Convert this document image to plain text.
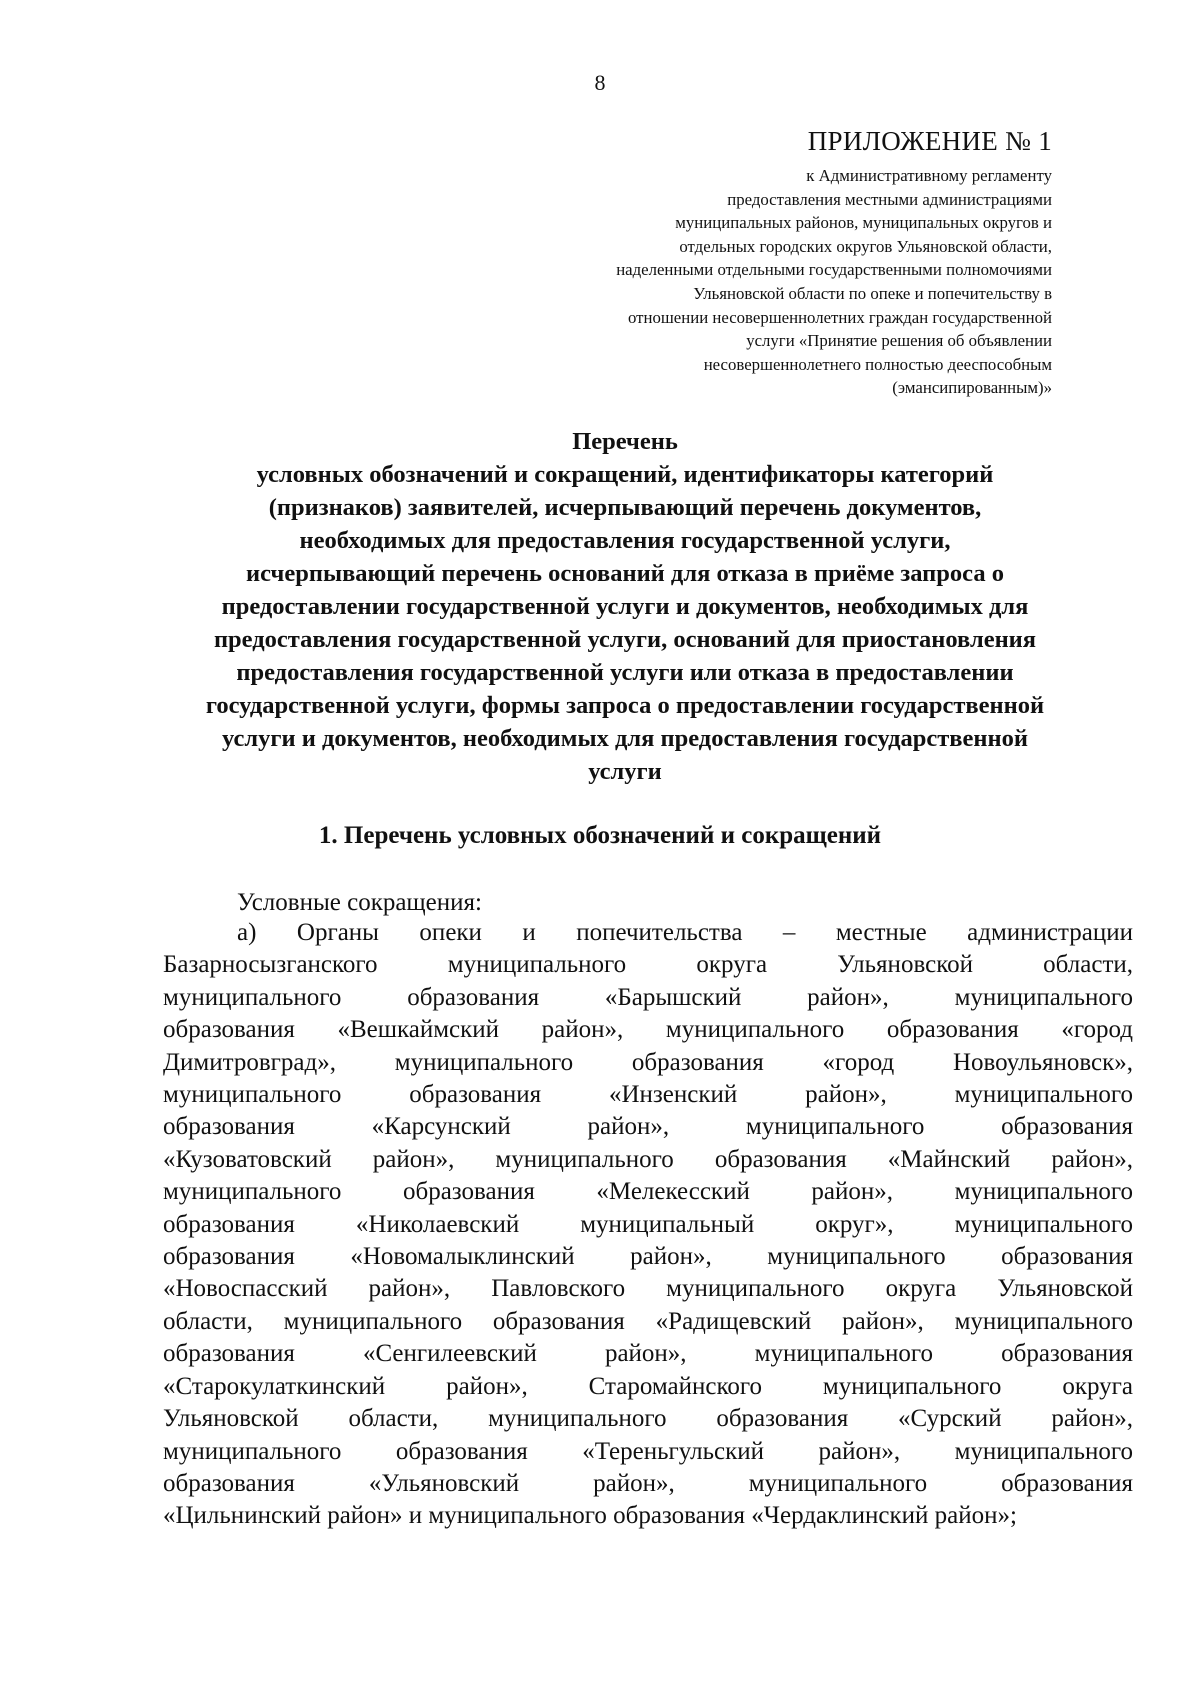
8
ПРИЛОЖЕНИЕ № 1
к Административному регламенту
предоставления местными администрациями
муниципальных районов, муниципальных округов и
отдельных городских округов Ульяновской области,
наделенными отдельными государственными полномочиями
Ульяновской области по опеке и попечительству в
отношении несовершеннолетних граждан государственной
услуги «Принятие решения об объявлении
несовершеннолетнего полностью дееспособным
(эмансипированным)»
Перечень
условных обозначений и сокращений, идентификаторы категорий
(признаков) заявителей, исчерпывающий перечень документов,
необходимых для предоставления государственной услуги,
исчерпывающий перечень оснований для отказа в приёме запроса о
предоставлении государственной услуги и документов, необходимых для
предоставления государственной услуги, оснований для приостановления
предоставления государственной услуги или отказа в предоставлении
государственной услуги, формы запроса о предоставлении государственной
услуги и документов, необходимых для предоставления государственной
услуги
1. Перечень условных обозначений и сокращений
Условные сокращения:
а) Органы опеки и попечительства – местные администрации
Базарносызганского муниципального округа Ульяновской области,
муниципального образования «Барышский район», муниципального
образования «Вешкаймский район», муниципального образования «город
Димитровград», муниципального образования «город Новоульяновск»,
муниципального образования «Инзенский район», муниципального
образования «Карсунский район», муниципального образования
«Кузоватовский район», муниципального образования «Майнский район»,
муниципального образования «Мелекесский район», муниципального
образования «Николаевский муниципальный округ», муниципального
образования «Новомалыклинский район», муниципального образования
«Новоспасский район», Павловского муниципального округа Ульяновской
области, муниципального образования «Радищевский район», муниципального
образования «Сенгилеевский район», муниципального образования
«Старокулаткинский район», Старомайнского муниципального округа
Ульяновской области, муниципального образования «Сурский район»,
муниципального образования «Тереньгульский район», муниципального
образования «Ульяновский район», муниципального образования
«Цильнинский район» и муниципального образования «Чердаклинский район»;
